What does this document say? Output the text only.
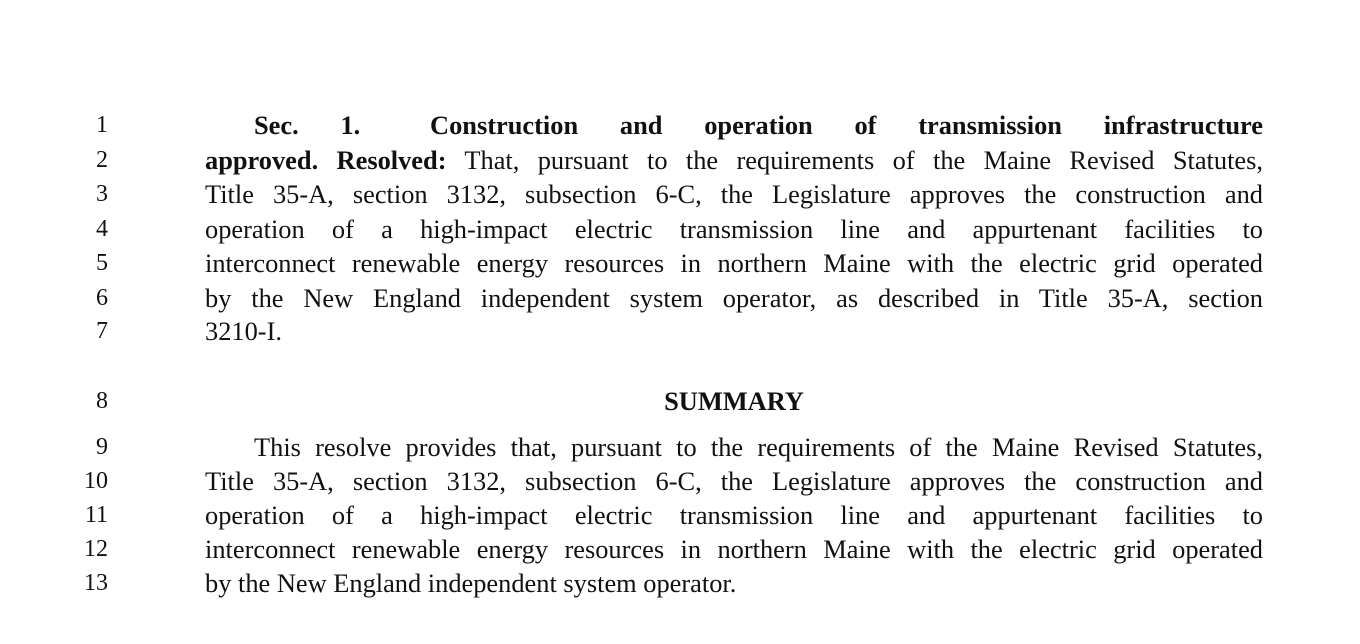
1
2
3
4
5
6
7
8
9
10
11
12
13
Sec. 1.	Construction and operation of transmission infrastructure
approved. Resolved: That, pursuant to the requirements of the Maine Revised Statutes,
Title 35-A, section 3132, subsection 6-C, the Legislature approves the construction and
operation of a high-impact electric transmission line and appurtenant facilities to
interconnect renewable energy resources in northern Maine with the electric grid operated
by the New England independent system operator, as described in Title 35-A, section
3210-I.
SUMMARY
This resolve provides that, pursuant to the requirements of the Maine Revised Statutes,
Title 35-A, section 3132, subsection 6-C, the Legislature approves the construction and
operation of a high-impact electric transmission line and appurtenant facilities to
interconnect renewable energy resources in northern Maine with the electric grid operated
by the New England independent system operator.
